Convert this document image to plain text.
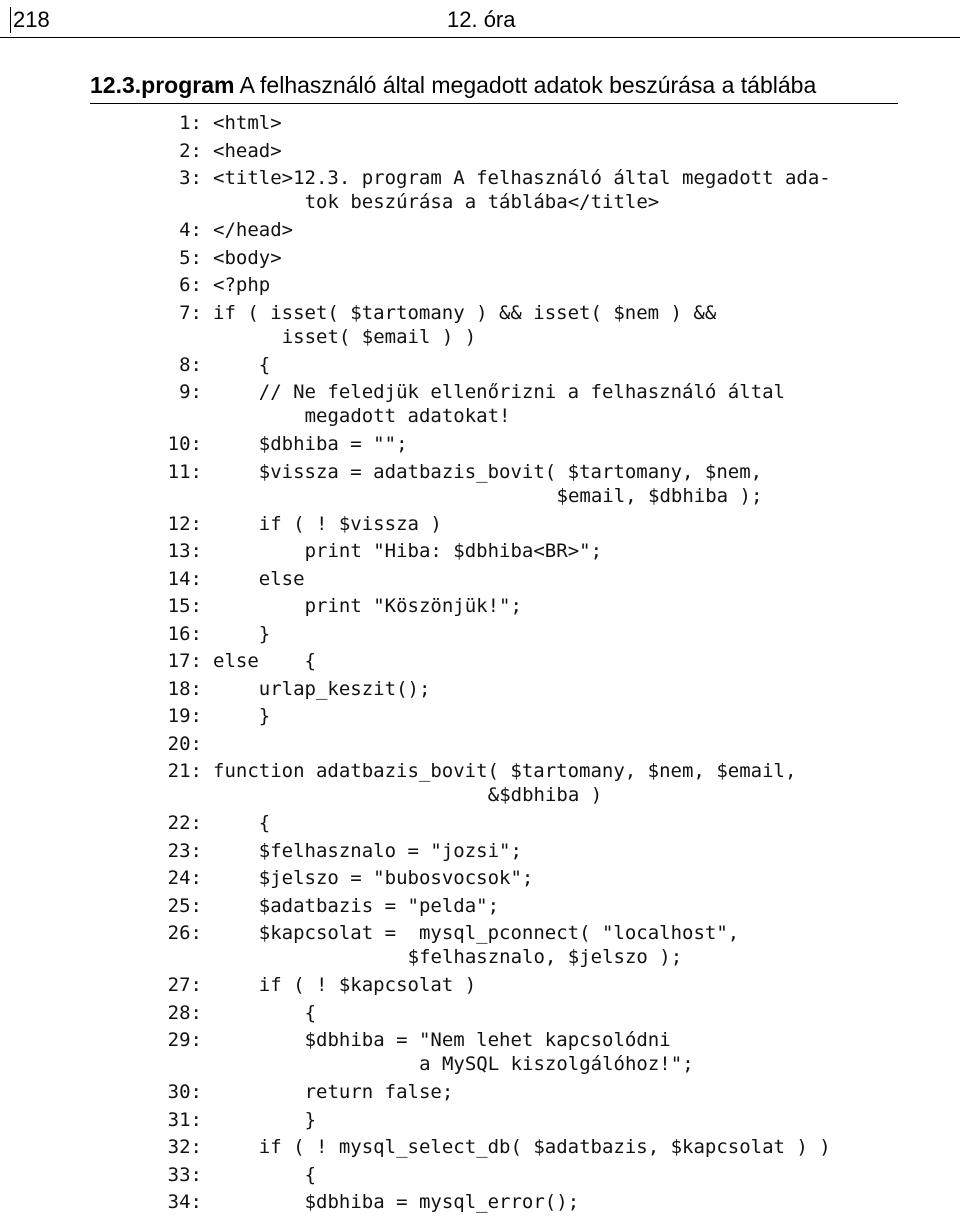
218	12. óra
12.3.program A felhasználó által megadott adatok beszúrása a táblába
1: <html>
2: <head>
3: <title>12.3. program A felhasználó által megadott ada-
tok beszúrása a táblába</title>
4: </head>
5: <body>
6: <?php
7: if ( isset( $tartomany ) && isset( $nem ) &&
isset( $email ) )
8:	{
9:	// Ne feledjük ellenőrizni a felhasználó által
megadott adatokat!
10:	$dbhiba = "";
11:	$vissza = adatbazis_bovit( $tartomany, $nem,
$email, $dbhiba );
12:	if ( ! $vissza )
13:	print "Hiba: $dbhiba<BR>";
14:	else
15:	print "Köszönjük!";
16:	}
17: else    {
18:	urlap_keszit();
19:	}
20:
21: function adatbazis_bovit( $tartomany, $nem, $email,
&$dbhiba )
22:	{
23:	$felhasznalo = "jozsi";
24:	$jelszo = "bubosvocsok";
25:	$adatbazis = "pelda";
26:	$kapcsolat =  mysql_pconnect( "localhost",
$felhasznalo, $jelszo );
27:	if ( ! $kapcsolat )
28:	{
29:	$dbhiba = "Nem lehet kapcsolódni
a MySQL kiszolgálóhoz!";
30:	return false;
31:	}
32:	if ( ! mysql_select_db( $adatbazis, $kapcsolat ) )
33:	{
34:	$dbhiba = mysql_error();
